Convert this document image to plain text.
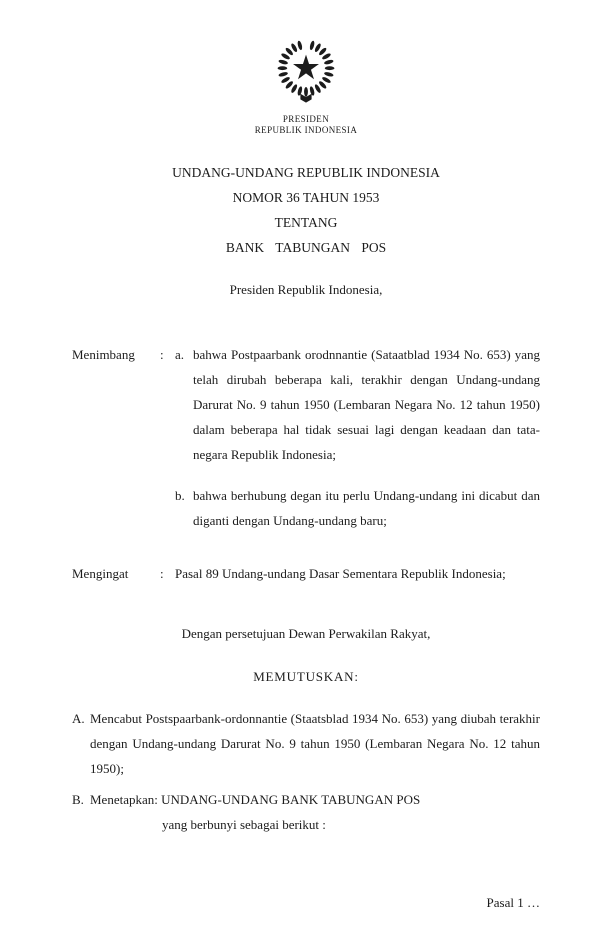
PRESIDEN
REPUBLIK INDONESIA
UNDANG-UNDANG REPUBLIK INDONESIA
NOMOR 36 TAHUN 1953
TENTANG
BANK TABUNGAN POS
Presiden Republik Indonesia,
Menimbang	: a. bahwa Postpaarbank orodnnantie (Sataatblad 1934 No. 653) yang telah dirubah beberapa kali, terakhir dengan Undang-undang Darurat No. 9 tahun 1950 (Lembaran Negara No. 12 tahun 1950) dalam beberapa hal tidak sesuai lagi dengan keadaan dan tata-negara Republik Indonesia;
b. bahwa berhubung degan itu perlu Undang-undang ini dicabut dan diganti dengan Undang-undang baru;
Mengingat	: Pasal 89 Undang-undang Dasar Sementara Republik Indonesia;
Dengan persetujuan Dewan Perwakilan Rakyat,
MEMUTUSKAN:
A. Mencabut Postspaarbank-ordonnantie (Staatsblad 1934 No. 653) yang diubah terakhir dengan Undang-undang Darurat No. 9 tahun 1950 (Lembaran Negara No. 12 tahun 1950);
B. Menetapkan: UNDANG-UNDANG BANK TABUNGAN POS
yang berbunyi sebagai berikut :
Pasal 1 …
